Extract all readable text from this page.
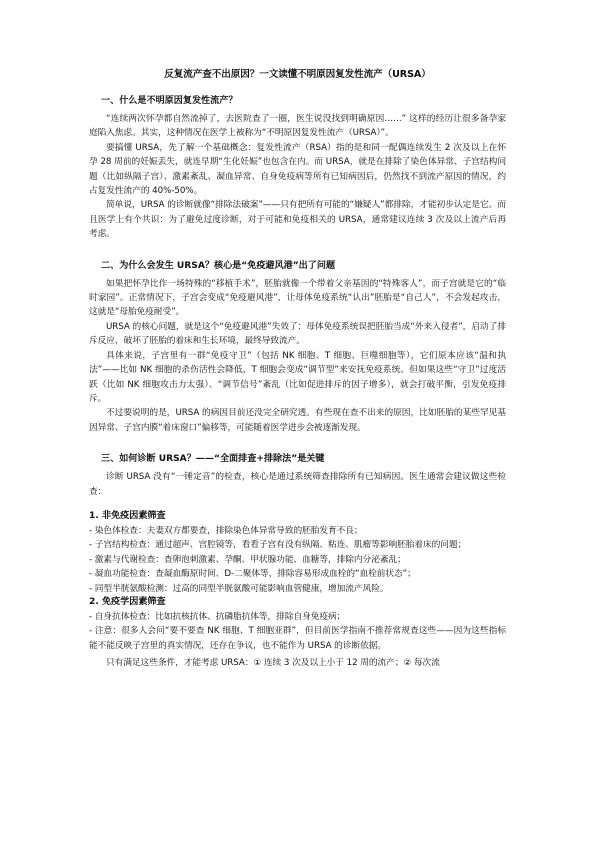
反复流产查不出原因？一文读懂不明原因复发性流产（URSA）
一、什么是不明原因复发性流产？

“连续两次怀孕都自然流掉了，去医院查了一圈，医生说没找到明确原因……” 这样的经历让很多备孕家庭陷入焦虑。其实，这种情况在医学上被称为“不明原因复发性流产（URSA）”。

要搞懂 URSA，先了解一个基础概念：复发性流产（RSA）指的是和同一配偶连续发生 2 次及以上在怀孕 28 周前的妊娠丢失，就连早期“生化妊娠”也包含在内。而 URSA，就是在排除了染色体异常、子宫结构问题（比如纵隔子宫）、激素紊乱、凝血异常、自身免疫病等所有已知病因后，仍然找不到流产原因的情况，约占复发性流产的 40%-50%。

简单说，URSA 的诊断就像“排除法破案”——只有把所有可能的“嫌疑人”都排除，才能初步认定是它。而且医学上有个共识：为了避免过度诊断，对于可能和免疫相关的 URSA，通常建议连续 3 次及以上流产后再考虑。

二、为什么会发生 URSA？核心是“免疫避风港”出了问题

如果把怀孕比作一场特殊的“移植手术”，胚胎就像一个带着父亲基因的“特殊客人”，而子宫就是它的“临时家园”。正常情况下，子宫会变成“免疫避风港”，让母体免疫系统“认出”胚胎是“自己人”，不会发起攻击，这就是“母胎免疫耐受”。

URSA 的核心问题，就是这个“免疫避风港”失效了：母体免疫系统误把胚胎当成“外来入侵者”，启动了排斥反应，破坏了胚胎的着床和生长环境，最终导致流产。

具体来说，子宫里有一群“免疫守卫”（包括 NK 细胞、T 细胞、巨噬细胞等），它们原本应该“温和执法”——比如 NK 细胞的杀伤活性会降低，T 细胞会变成“调节型”来安抚免疫系统。但如果这些“守卫”过度活跃（比如 NK 细胞攻击力太强）、“调节信号”紊乱（比如促进排斥的因子增多），就会打破平衡，引发免疫排斥。

不过要说明的是，URSA 的病因目前还没完全研究透。有些现在查不出来的原因，比如胚胎的某些罕见基因异常、子宫内膜“着床窗口”偏移等，可能随着医学进步会被逐渐发现。

三、如何诊断 URSA？——“全面排查+排除法”是关键

诊断 URSA 没有“一锤定音”的检查，核心是通过系统筛查排除所有已知病因。医生通常会建议做这些检查：

1. 非免疫因素筛查

- 染色体检查：夫妻双方都要查，排除染色体异常导致的胚胎发育不良；

- 子宫结构检查：通过超声、宫腔镜等，看看子宫有没有纵隔、粘连、肌瘤等影响胚胎着床的问题；

- 激素与代谢检查：查卵泡刺激素、孕酮、甲状腺功能、血糖等，排除内分泌紊乱；

- 凝血功能检查：查凝血酶原时间、D-二聚体等，排除容易形成血栓的“血栓前状态”；

- 同型半胱氨酸检测：过高的同型半胱氨酸可能影响血管健康，增加流产风险。

2. 免疫学因素筛查

- 自身抗体检查：比如抗核抗体、抗磷脂抗体等，排除自身免疫病；

- 注意：很多人会问“要不要查 NK 细胞、T 细胞亚群”，但目前医学指南不推荐常规查这些——因为这些指标能不能反映子宫里的真实情况，还存在争议，也不能作为 URSA 的诊断依据。

只有满足这些条件，才能考虑 URSA：① 连续 3 次及以上小于 12 周的流产；② 每次流
